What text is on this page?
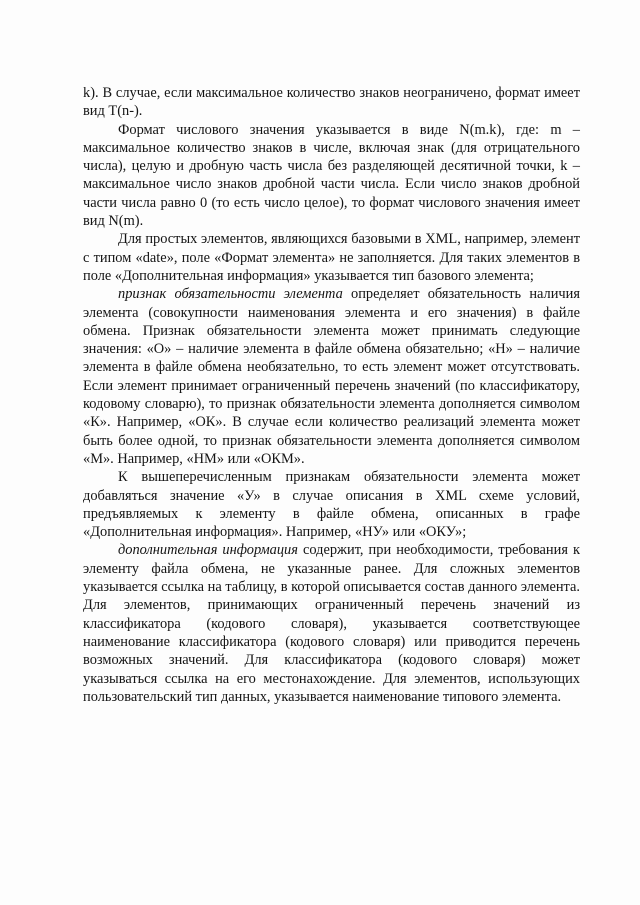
k). В случае, если максимальное количество знаков неограничено, формат имеет вид T(n-).

Формат числового значения указывается в виде N(m.k), где: m – максимальное количество знаков в числе, включая знак (для отрицательного числа), целую и дробную часть числа без разделяющей десятичной точки, k – максимальное число знаков дробной части числа. Если число знаков дробной части числа равно 0 (то есть число целое), то формат числового значения имеет вид N(m).

Для простых элементов, являющихся базовыми в XML, например, элемент с типом «date», поле «Формат элемента» не заполняется. Для таких элементов в поле «Дополнительная информация» указывается тип базового элемента;

признак обязательности элемента определяет обязательность наличия элемента (совокупности наименования элемента и его значения) в файле обмена. Признак обязательности элемента может принимать следующие значения: «О» – наличие элемента в файле обмена обязательно; «Н» – наличие элемента в файле обмена необязательно, то есть элемент может отсутствовать. Если элемент принимает ограниченный перечень значений (по классификатору, кодовому словарю), то признак обязательности элемента дополняется символом «К». Например, «ОК». В случае если количество реализаций элемента может быть более одной, то признак обязательности элемента дополняется символом «М». Например, «НМ» или «ОКМ».

К вышеперечисленным признакам обязательности элемента может добавляться значение «У» в случае описания в XML схеме условий, предъявляемых к элементу в файле обмена, описанных в графе «Дополнительная информация». Например, «НУ» или «ОКУ»;

дополнительная информация содержит, при необходимости, требования к элементу файла обмена, не указанные ранее. Для сложных элементов указывается ссылка на таблицу, в которой описывается состав данного элемента. Для элементов, принимающих ограниченный перечень значений из классификатора (кодового словаря), указывается соответствующее наименование классификатора (кодового словаря) или приводится перечень возможных значений. Для классификатора (кодового словаря) может указываться ссылка на его местонахождение. Для элементов, использующих пользовательский тип данных, указывается наименование типового элемента.
